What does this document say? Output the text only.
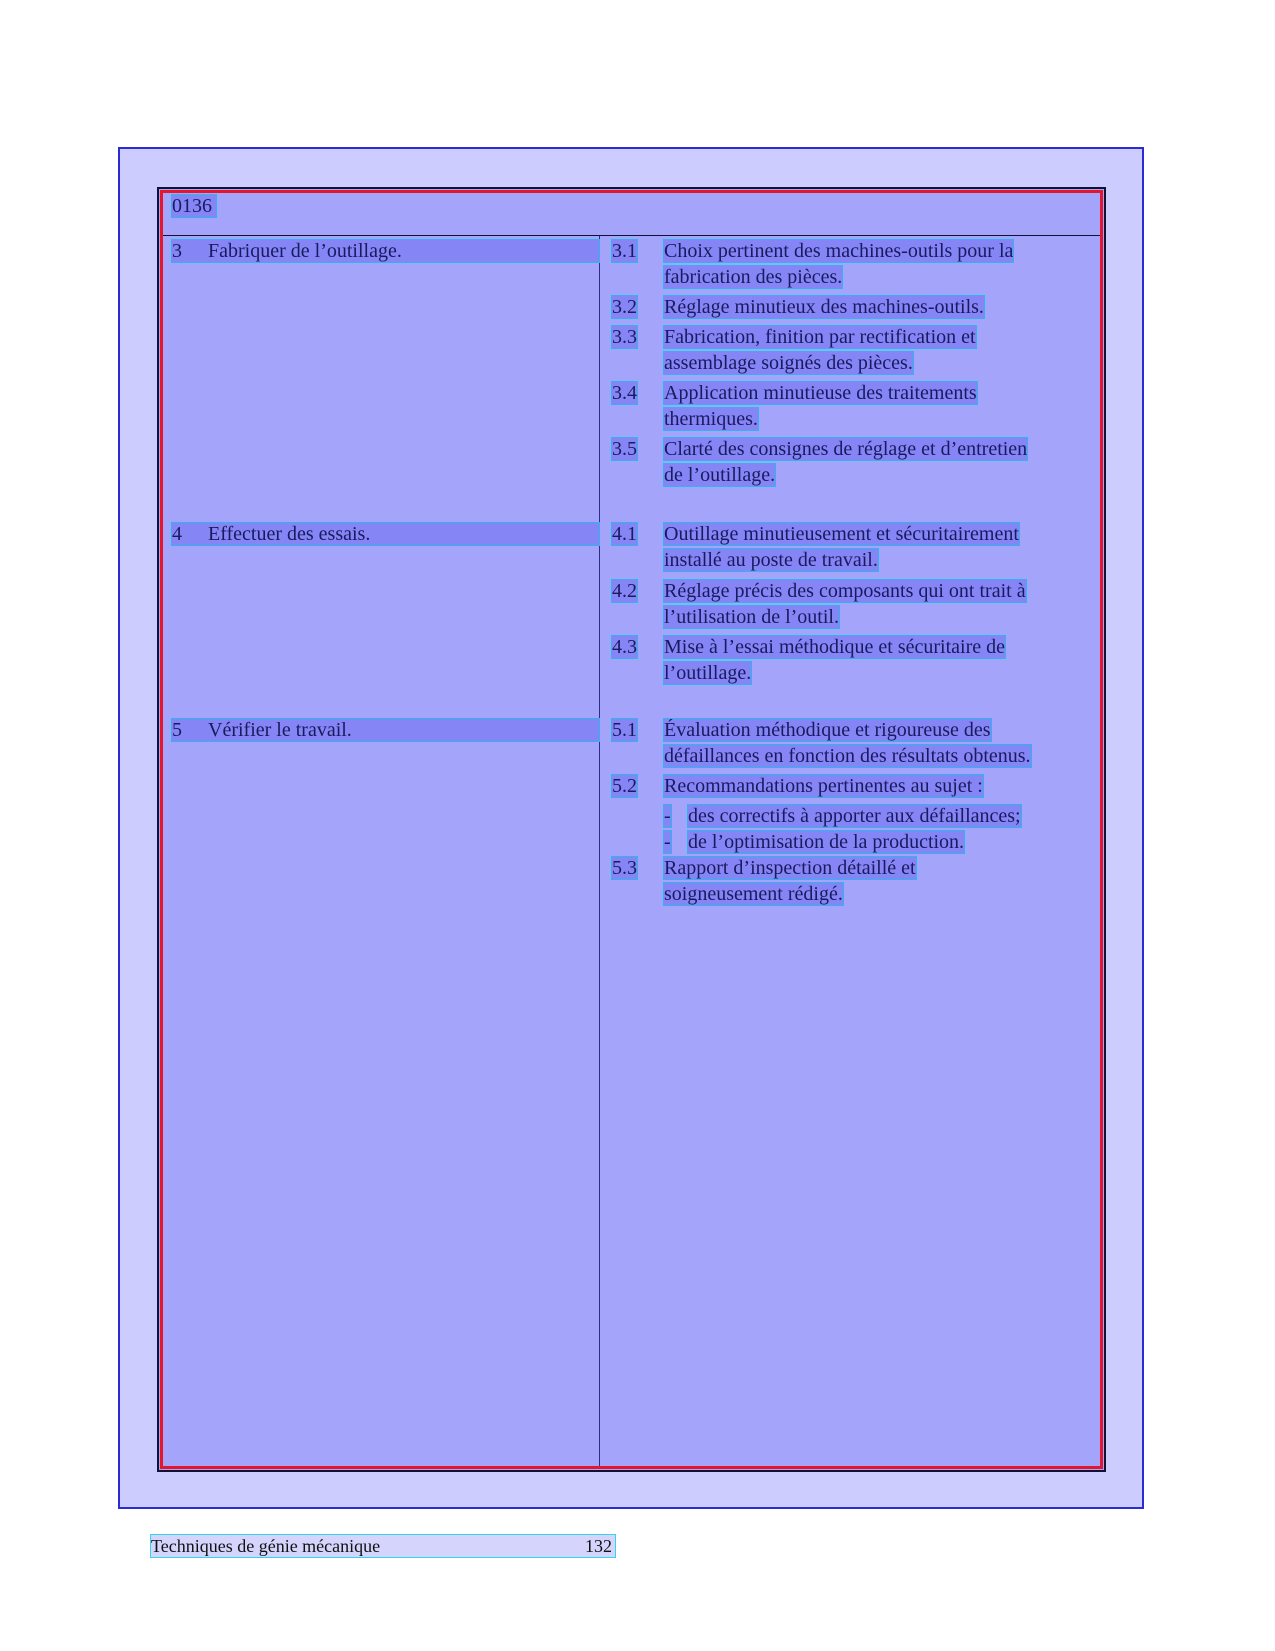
0136
3	Fabriquer de l’outillage.	3.1 Choix pertinent des machines-outils pour la
fabrication des pièces.
3.2 Réglage minutieux des machines-outils.
3.3 Fabrication, finition par rectification et
assemblage soignés des pièces.
3.4 Application minutieuse des traitements
thermiques.
3.5 Clarté des consignes de réglage et d’entretien
de l’outillage.
4	Effectuer des essais.	4.1 Outillage minutieusement et sécuritairement
installé au poste de travail.
4.2 Réglage précis des composants qui ont trait à
l’utilisation de l’outil.
4.3 Mise à l’essai méthodique et sécuritaire de
l’outillage.
5	Vérifier le travail.	5.1 Évaluation méthodique et rigoureuse des
défaillances en fonction des résultats obtenus.
5.2 Recommandations pertinentes au sujet :
- des correctifs à apporter aux défaillances;
- de l’optimisation de la production.
5.3 Rapport d’inspection détaillé et
soigneusement rédigé.
Techniques de génie mécanique	132
